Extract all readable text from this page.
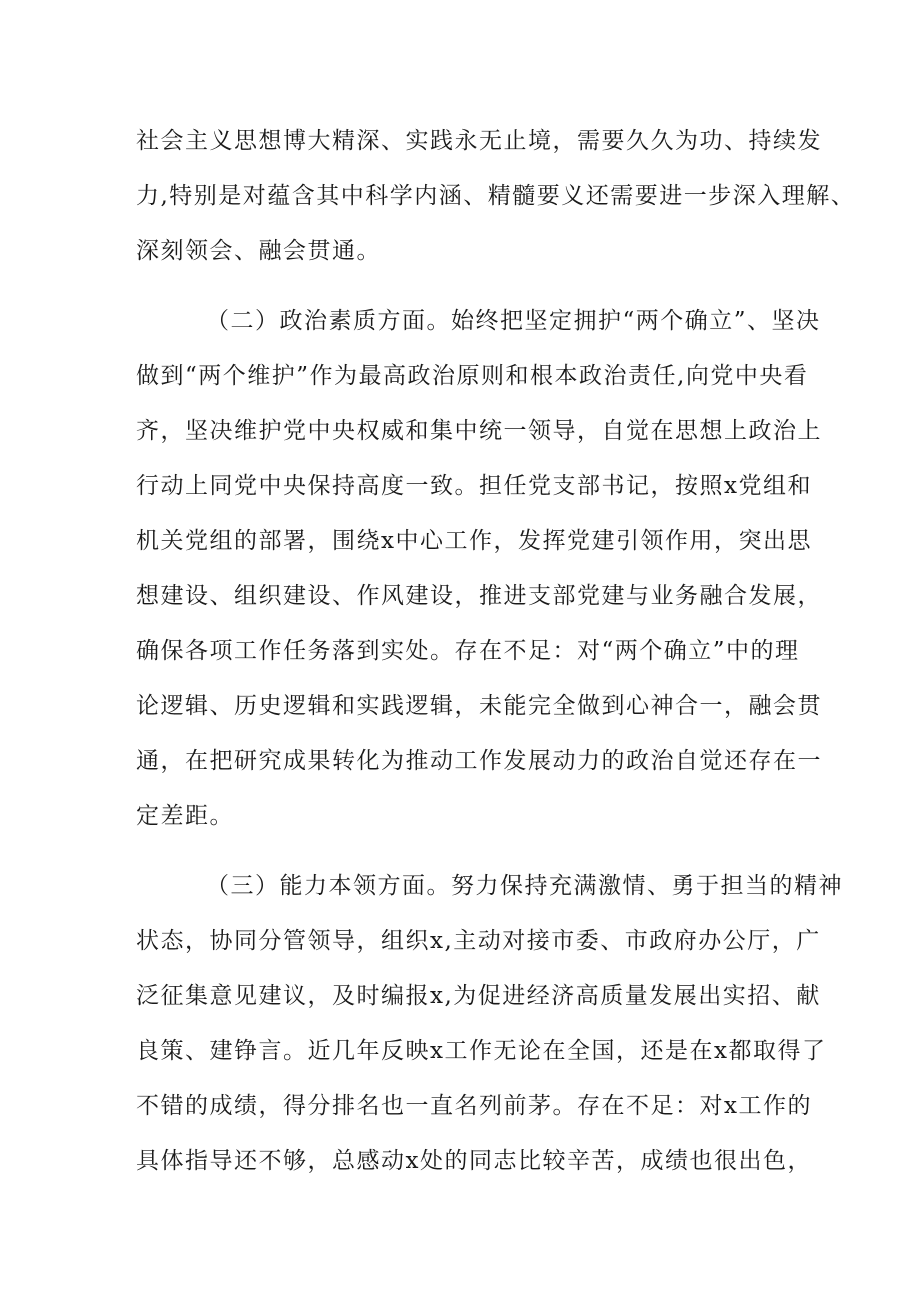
社会主义思想博大精深、实践永无止境，需要久久为功、持续发
力,特别是对蕴含其中科学内涵、精髓要义还需要进一步深入理解、
深刻领会、融会贯通。
（二）政治素质方面。始终把坚定拥护“两个确立”、坚决
做到“两个维护”作为最高政治原则和根本政治责任,向党中央看
齐，坚决维护党中央权威和集中统一领导，自觉在思想上政治上
行动上同党中央保持高度一致。担任党支部书记，按照x党组和
机关党组的部署，围绕x中心工作，发挥党建引领作用，突出思
想建设、组织建设、作风建设，推进支部党建与业务融合发展，
确保各项工作任务落到实处。存在不足：对“两个确立”中的理
论逻辑、历史逻辑和实践逻辑，未能完全做到心神合一，融会贯
通，在把研究成果转化为推动工作发展动力的政治自觉还存在一
定差距。
（三）能力本领方面。努力保持充满激情、勇于担当的精神
状态，协同分管领导，组织x,主动对接市委、市政府办公厅，广
泛征集意见建议，及时编报x,为促进经济高质量发展出实招、献
良策、建铮言。近几年反映x工作无论在全国，还是在x都取得了
不错的成绩，得分排名也一直名列前茅。存在不足：对x工作的
具体指导还不够，总感动x处的同志比较辛苦，成绩也很出色，
